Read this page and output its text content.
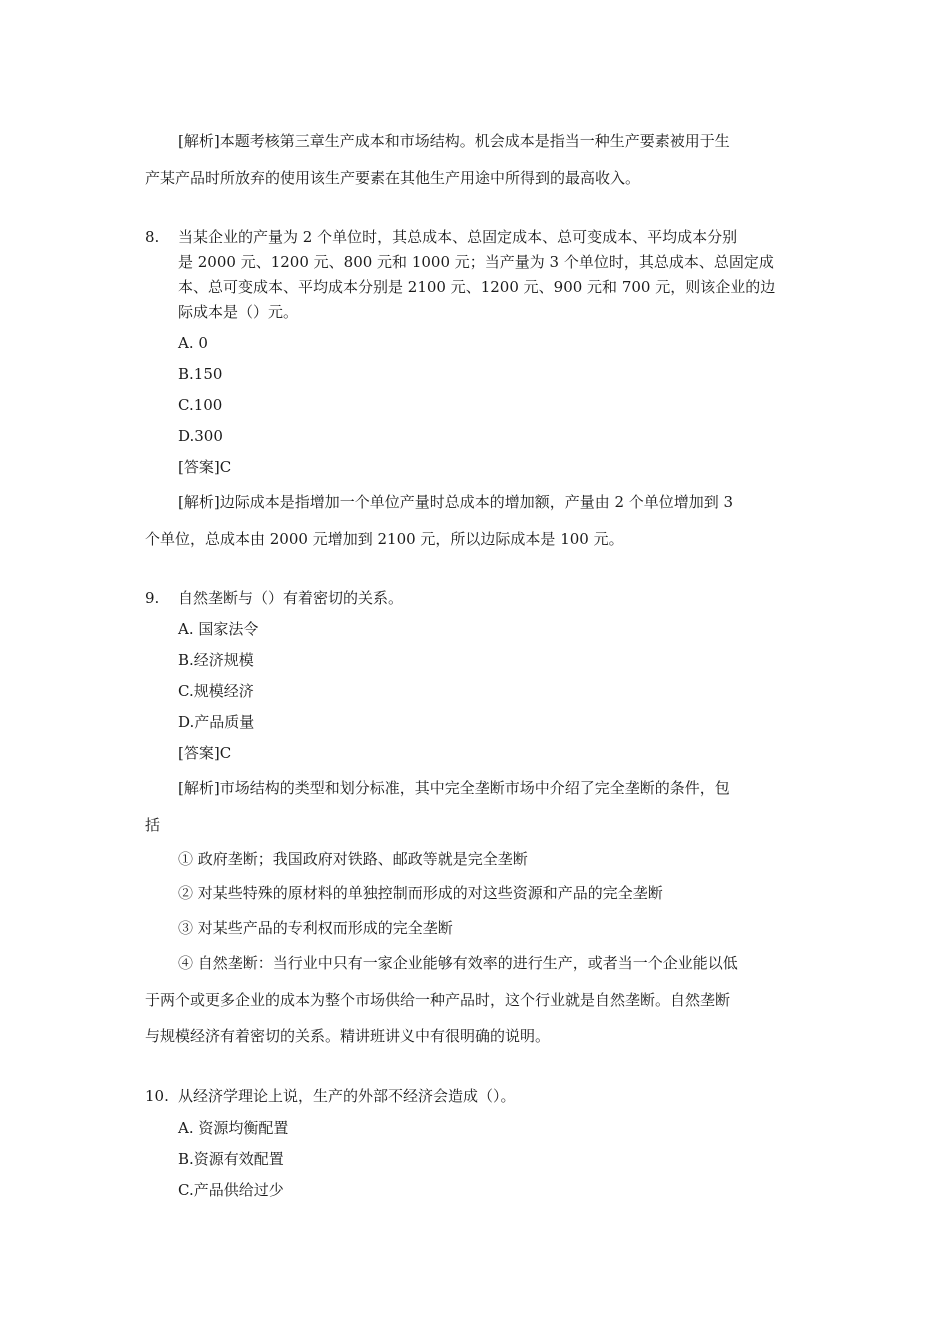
[解析]本题考核第三章生产成本和市场结构。机会成本是指当一种生产要素被用于生
产某产品时所放弃的使用该生产要素在其他生产用途中所得到的最高收入。
8. 当某企业的产量为 2 个单位时，其总成本、总固定成本、总可变成本、平均成本分别
是 2000 元、1200 元、800 元和 1000 元；当产量为 3 个单位时，其总成本、总固定成
本、总可变成本、平均成本分别是 2100 元、1200 元、900 元和 700 元，则该企业的边
际成本是（）元。
A. 0
B.150
C.100
D.300
[答案]C
[解析]边际成本是指增加一个单位产量时总成本的增加额，产量由 2 个单位增加到 3
个单位，总成本由 2000 元增加到 2100 元，所以边际成本是 100 元。
9. 自然垄断与（）有着密切的关系。
A. 国家法令
B.经济规模
C.规模经济
D.产品质量
[答案]C
[解析]市场结构的类型和划分标准，其中完全垄断市场中介绍了完全垄断的条件，包
括
① 政府垄断；我国政府对铁路、邮政等就是完全垄断
② 对某些特殊的原材料的单独控制而形成的对这些资源和产品的完全垄断
③ 对某些产品的专利权而形成的完全垄断
④ 自然垄断：当行业中只有一家企业能够有效率的进行生产，或者当一个企业能以低
于两个或更多企业的成本为整个市场供给一种产品时，这个行业就是自然垄断。自然垄断
与规模经济有着密切的关系。精讲班讲义中有很明确的说明。
10. 从经济学理论上说，生产的外部不经济会造成（）。
A. 资源均衡配置
B.资源有效配置
C.产品供给过少
